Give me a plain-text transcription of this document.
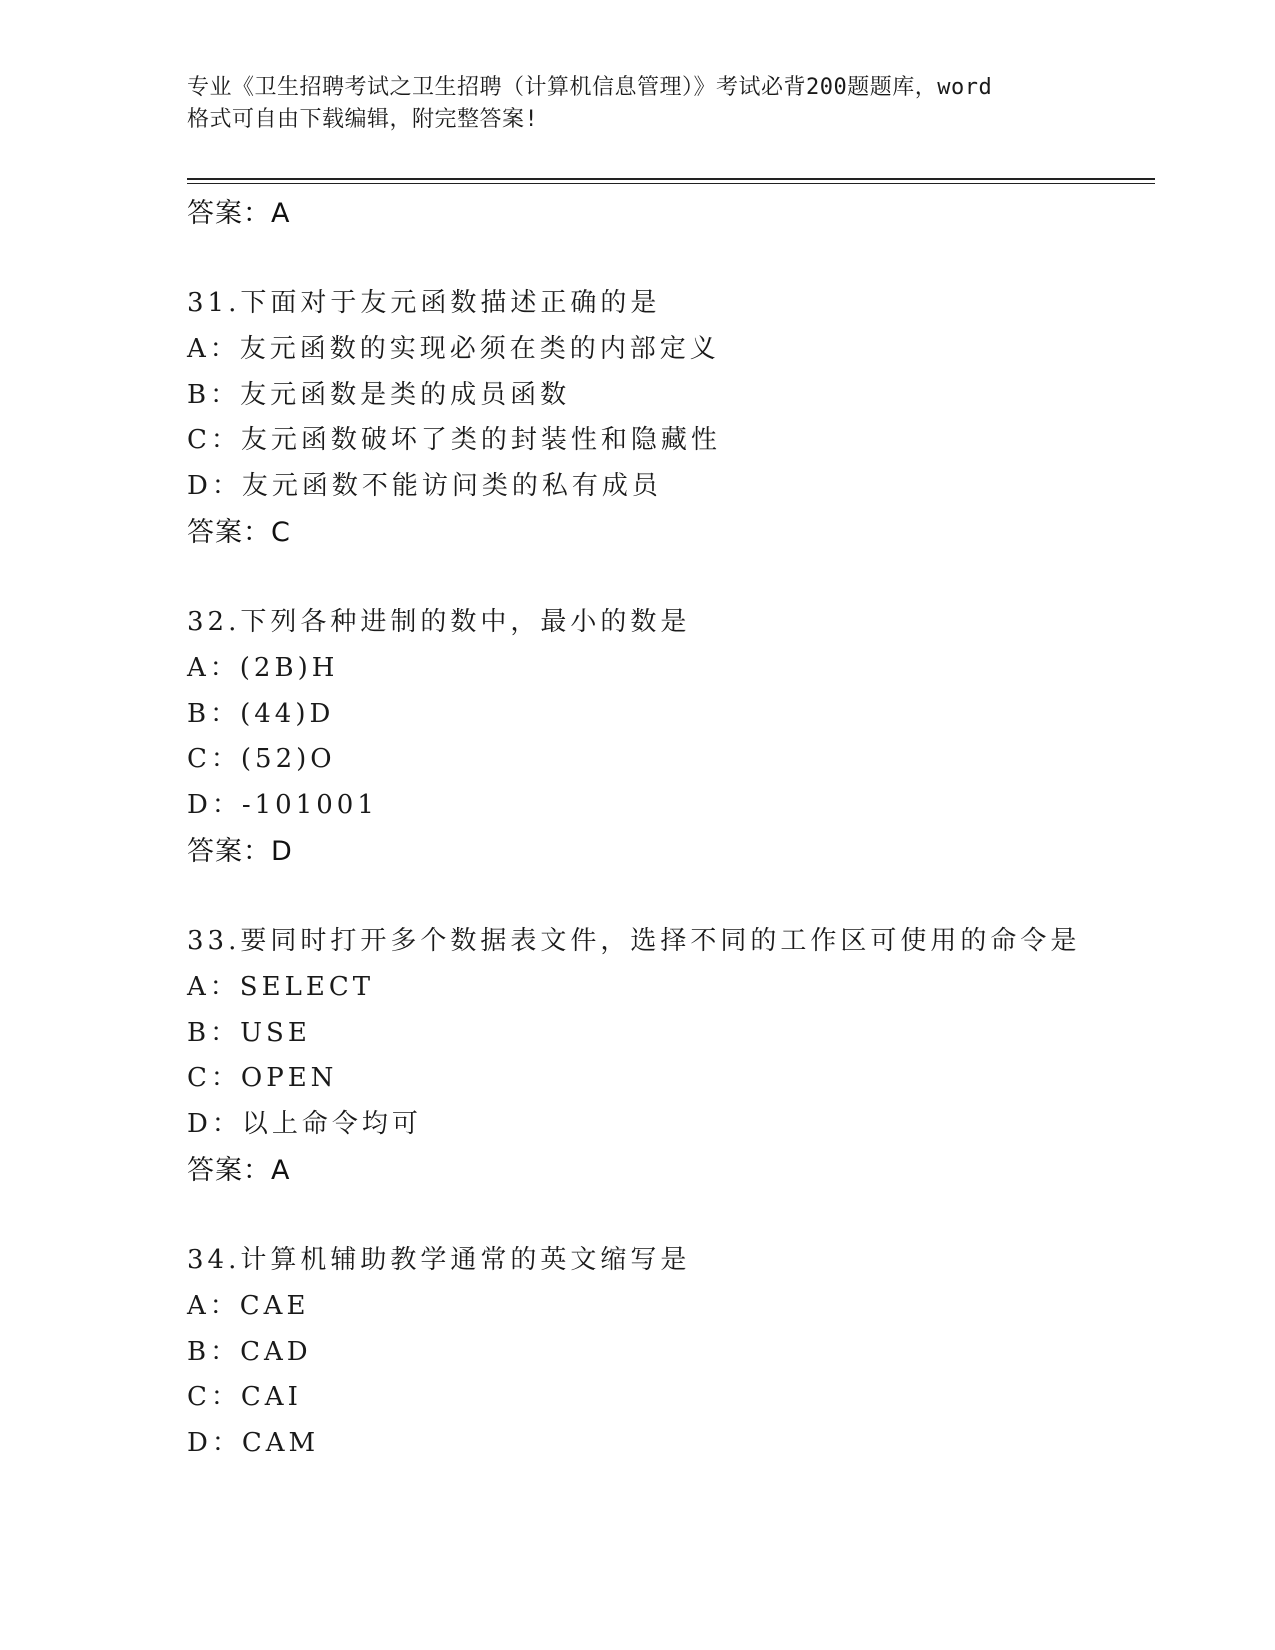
专业《卫生招聘考试之卫生招聘（计算机信息管理）》考试必背200题题库，word
格式可自由下载编辑，附完整答案!
答案：A
31.下面对于友元函数描述正确的是
A：友元函数的实现必须在类的内部定义
B：友元函数是类的成员函数
C：友元函数破坏了类的封装性和隐藏性
D：友元函数不能访问类的私有成员
答案：C
32.下列各种进制的数中，最小的数是
A：(2B)H
B：(44)D
C：(52)O
D：-101001
答案：D
33.要同时打开多个数据表文件，选择不同的工作区可使用的命令是
A：SELECT
B：USE
C：OPEN
D：以上命令均可
答案：A
34.计算机辅助教学通常的英文缩写是
A：CAE
B：CAD
C：CAI
D：CAM
